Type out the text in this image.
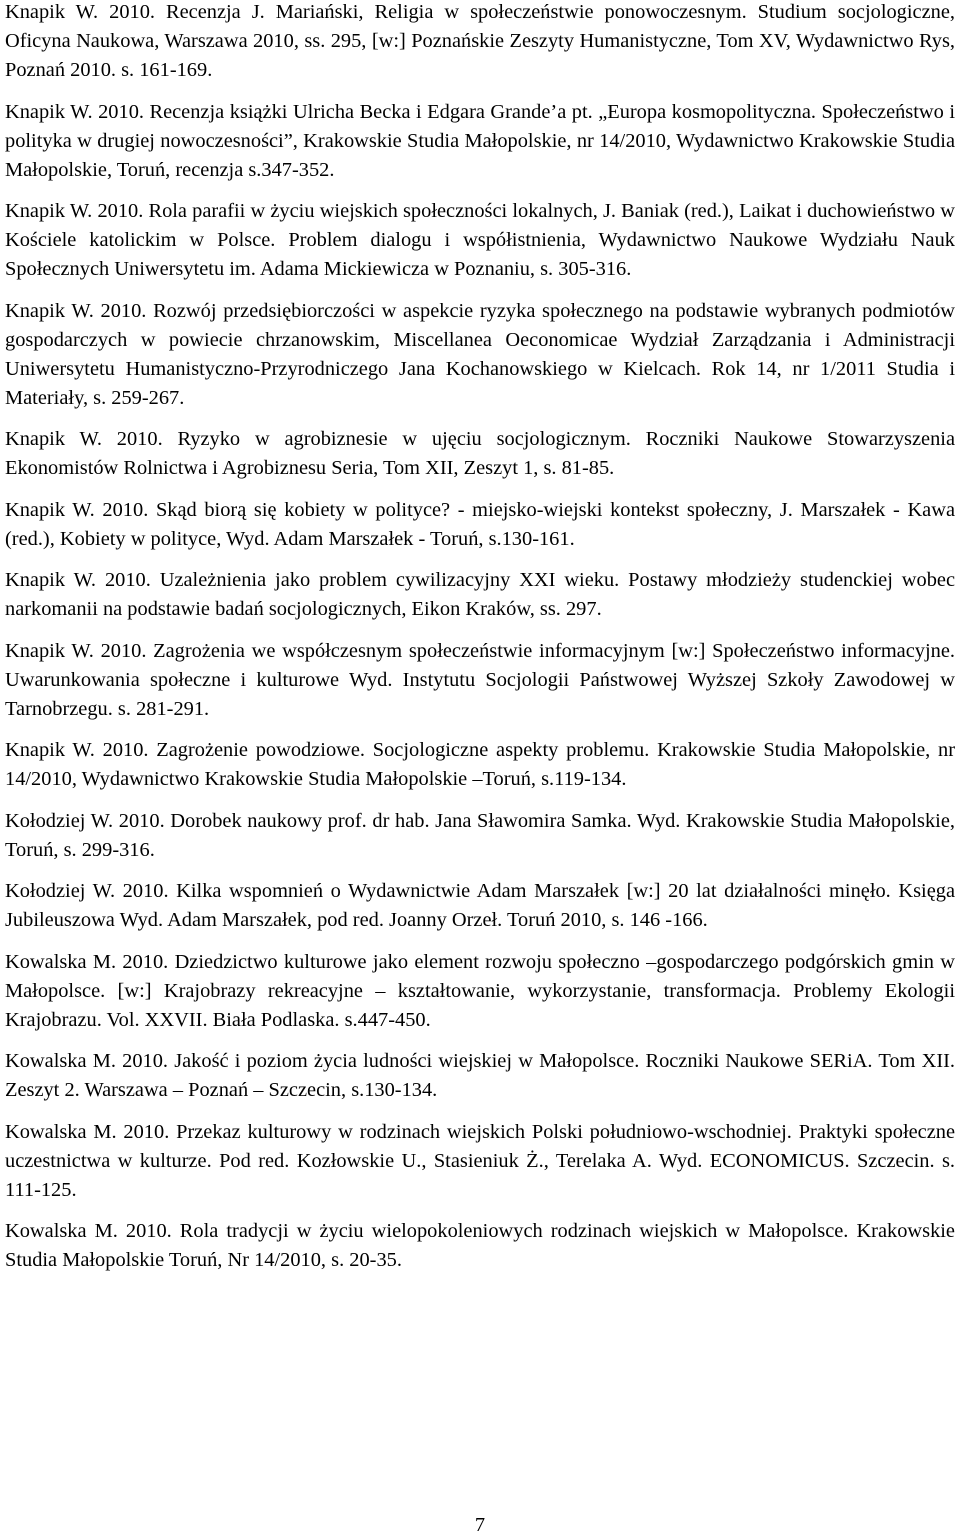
Knapik W. 2010. Recenzja J. Mariański, Religia w społeczeństwie ponowoczesnym. Studium socjologiczne, Oficyna Naukowa, Warszawa 2010, ss. 295, [w:] Poznańskie Zeszyty Humanistyczne, Tom XV, Wydawnictwo Rys, Poznań 2010. s. 161-169.

Knapik W. 2010. Recenzja książki Ulricha Becka i Edgara Grande’a pt. „Europa kosmopolityczna. Społeczeństwo i polityka w drugiej nowoczesności”, Krakowskie Studia Małopolskie, nr 14/2010, Wydawnictwo Krakowskie Studia Małopolskie, Toruń, recenzja s.347-352.

Knapik W. 2010. Rola parafii w życiu wiejskich społeczności lokalnych, J. Baniak (red.), Laikat i duchowieństwo w Kościele katolickim w Polsce. Problem dialogu i współistnienia, Wydawnictwo Naukowe Wydziału Nauk Społecznych Uniwersytetu im. Adama Mickiewicza w Poznaniu, s. 305-316.

Knapik W. 2010. Rozwój przedsiębiorczości w aspekcie ryzyka społecznego na podstawie wybranych podmiotów gospodarczych w powiecie chrzanowskim, Miscellanea Oeconomicae Wydział Zarządzania i Administracji Uniwersytetu Humanistyczno-Przyrodniczego Jana Kochanowskiego w Kielcach. Rok 14, nr 1/2011 Studia i Materiały, s. 259-267.

Knapik W. 2010. Ryzyko w agrobiznesie w ujęciu socjologicznym. Roczniki Naukowe Stowarzyszenia Ekonomistów Rolnictwa i Agrobiznesu Seria, Tom XII, Zeszyt 1, s. 81-85.

Knapik W. 2010. Skąd biorą się kobiety w polityce? - miejsko-wiejski kontekst społeczny, J. Marszałek - Kawa (red.), Kobiety w polityce, Wyd. Adam Marszałek - Toruń, s.130-161.

Knapik W. 2010. Uzależnienia jako problem cywilizacyjny XXI wieku. Postawy młodzieży studenckiej wobec narkomanii na podstawie badań socjologicznych, Eikon Kraków, ss. 297.

Knapik W. 2010. Zagrożenia we współczesnym społeczeństwie informacyjnym [w:] Społeczeństwo informacyjne. Uwarunkowania społeczne i kulturowe Wyd. Instytutu Socjologii Państwowej Wyższej Szkoły Zawodowej w Tarnobrzegu. s. 281-291.

Knapik W. 2010. Zagrożenie powodziowe. Socjologiczne aspekty problemu. Krakowskie Studia Małopolskie, nr 14/2010, Wydawnictwo Krakowskie Studia Małopolskie –Toruń, s.119-134.

Kołodziej W. 2010. Dorobek naukowy prof. dr hab. Jana Sławomira Samka. Wyd. Krakowskie Studia Małopolskie, Toruń, s. 299-316.

Kołodziej W. 2010. Kilka wspomnień o Wydawnictwie Adam Marszałek [w:] 20 lat działalności minęło. Księga Jubileuszowa Wyd. Adam Marszałek, pod red. Joanny Orzeł. Toruń 2010, s. 146 -166.

Kowalska M. 2010. Dziedzictwo kulturowe jako element rozwoju społeczno –gospodarczego podgórskich gmin w Małopolsce. [w:] Krajobrazy rekreacyjne – kształtowanie, wykorzystanie, transformacja. Problemy Ekologii Krajobrazu. Vol. XXVII. Biała Podlaska. s.447-450.

Kowalska M. 2010. Jakość i poziom życia ludności wiejskiej w Małopolsce. Roczniki Naukowe SERiA. Tom XII. Zeszyt 2. Warszawa – Poznań – Szczecin, s.130-134.

Kowalska M. 2010. Przekaz kulturowy w rodzinach wiejskich Polski południowo-wschodniej. Praktyki społeczne uczestnictwa w kulturze. Pod red. Kozłowskie U., Stasieniuk Ż., Terelaka A. Wyd. ECONOMICUS. Szczecin. s. 111-125.

Kowalska M. 2010. Rola tradycji w życiu wielopokoleniowych rodzinach wiejskich w Małopolsce. Krakowskie Studia Małopolskie Toruń, Nr 14/2010, s. 20-35.

7
